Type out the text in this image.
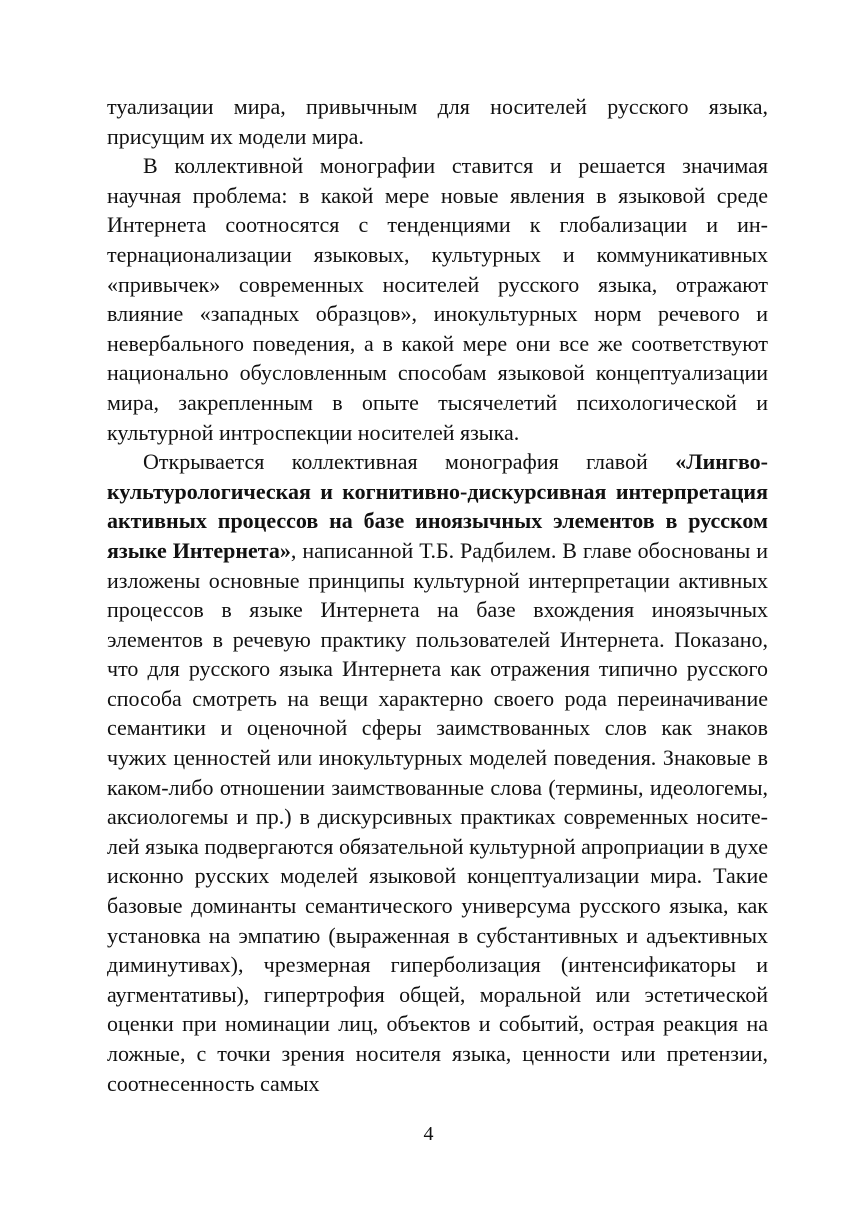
туализации мира, привычным для носителей русского языка, присущим их модели мира.

В коллективной монографии ставится и решается значимая научная проблема: в какой мере новые явления в языковой среде Интернета соотносятся с тенденциями к глобализации и интернационализации языковых, культурных и коммуникативных «привычек» современных носителей русского языка, отражают влияние «западных образцов», инокультурных норм речевого и невербального поведения, а в какой мере они все же соответствуют национально обусловленным способам языковой концептуализации мира, закрепленным в опыте тысячелетий психологической и культурной интроспекции носителей языка.

Открывается коллективная монография главой «Лингвокультурологическая и когнитивно-дискурсивная интерпретация активных процессов на базе иноязычных элементов в русском языке Интернета», написанной Т.Б. Радбилем. В главе обоснованы и изложены основные принципы культурной интерпретации активных процессов в языке Интернета на базе вхождения иноязычных элементов в речевую практику пользователей Интернета. Показано, что для русского языка Интернета как отражения типично русского способа смотреть на вещи характерно своего рода переиначивание семантики и оценочной сферы заимствованных слов как знаков чужих ценностей или инокультурных моделей поведения. Знаковые в каком-либо отношении заимствованные слова (термины, идеологемы, аксиологемы и пр.) в дискурсивных практиках современных носителей языка подвергаются обязательной культурной апроприации в духе исконно русских моделей языковой концептуализации мира. Такие базовые доминанты семантического универсума русского языка, как установка на эмпатию (выраженная в субстантивных и адъективных диминутивах), чрезмерная гиперболизация (интенсификаторы и аугментативы), гипертрофия общей, моральной или эстетической оценки при номинации лиц, объектов и событий, острая реакция на ложные, с точки зрения носителя языка, ценности или претензии, соотнесенность самых

4
